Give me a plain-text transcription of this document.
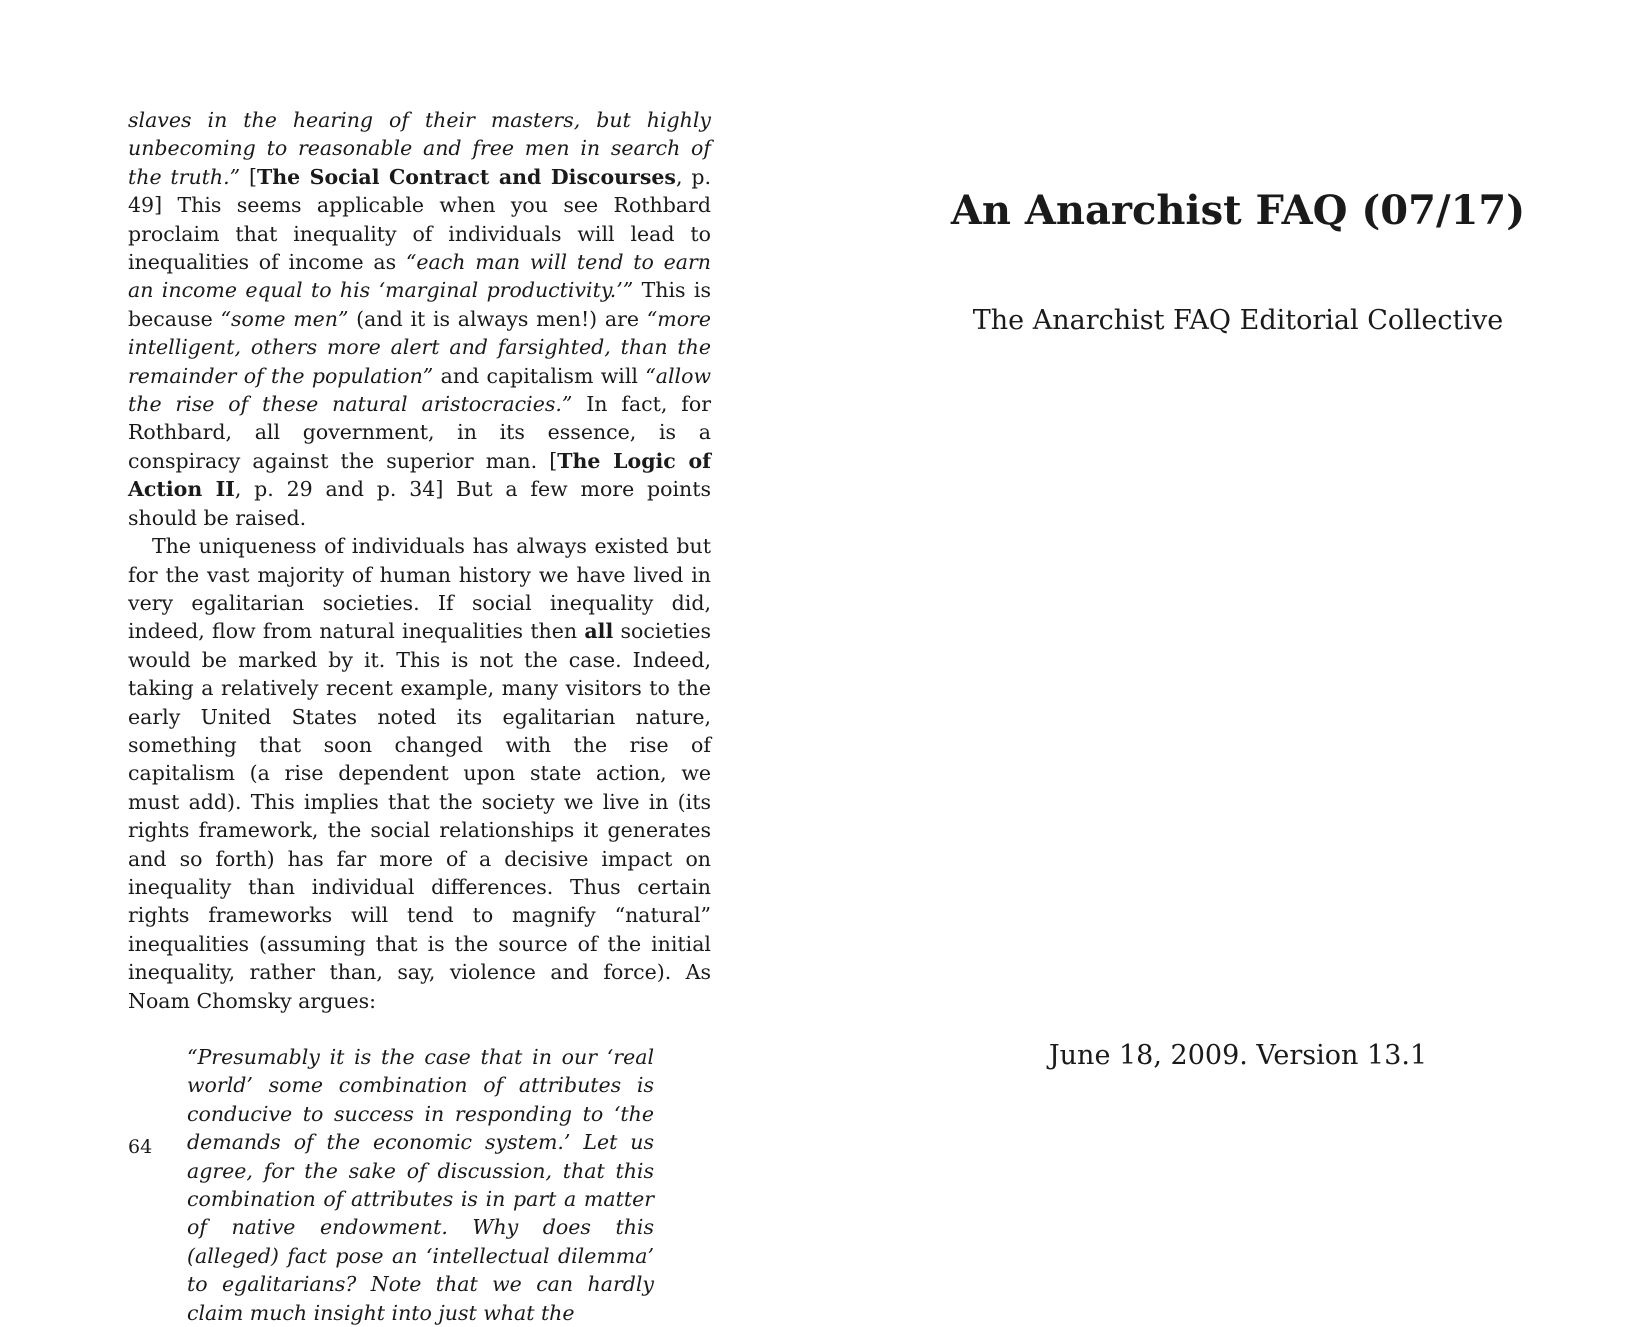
slaves in the hearing of their masters, but highly unbecoming to reasonable and free men in search of the truth.” [The Social Contract and Discourses, p. 49] This seems applicable when you see Rothbard proclaim that inequality of individuals will lead to inequalities of income as “each man will tend to earn an income equal to his ‘marginal productivity.’” This is because “some men” (and it is always men!) are “more intelligent, others more alert and farsighted, than the remainder of the population” and capitalism will “allow the rise of these natural aristocracies.” In fact, for Rothbard, all government, in its essence, is a conspiracy against the superior man. [The Logic of Action II, p. 29 and p. 34] But a few more points should be raised.

The uniqueness of individuals has always existed but for the vast majority of human history we have lived in very egalitarian societies. If social inequality did, indeed, flow from natural inequalities then all societies would be marked by it. This is not the case. Indeed, taking a relatively recent example, many visitors to the early United States noted its egalitarian nature, something that soon changed with the rise of capitalism (a rise dependent upon state action, we must add). This implies that the society we live in (its rights framework, the social relationships it generates and so forth) has far more of a decisive impact on inequality than individual differences. Thus certain rights frameworks will tend to magnify “natural” inequalities (assuming that is the source of the initial inequality, rather than, say, violence and force). As Noam Chomsky argues:

“Presumably it is the case that in our ‘real world’ some combination of attributes is conducive to success in responding to ‘the demands of the economic system.’ Let us agree, for the sake of discussion, that this combination of attributes is in part a matter of native endowment. Why does this (alleged) fact pose an ‘intellectual dilemma’ to egalitarians? Note that we can hardly claim much insight into just what the
64
An Anarchist FAQ (07/17)
The Anarchist FAQ Editorial Collective
June 18, 2009. Version 13.1
